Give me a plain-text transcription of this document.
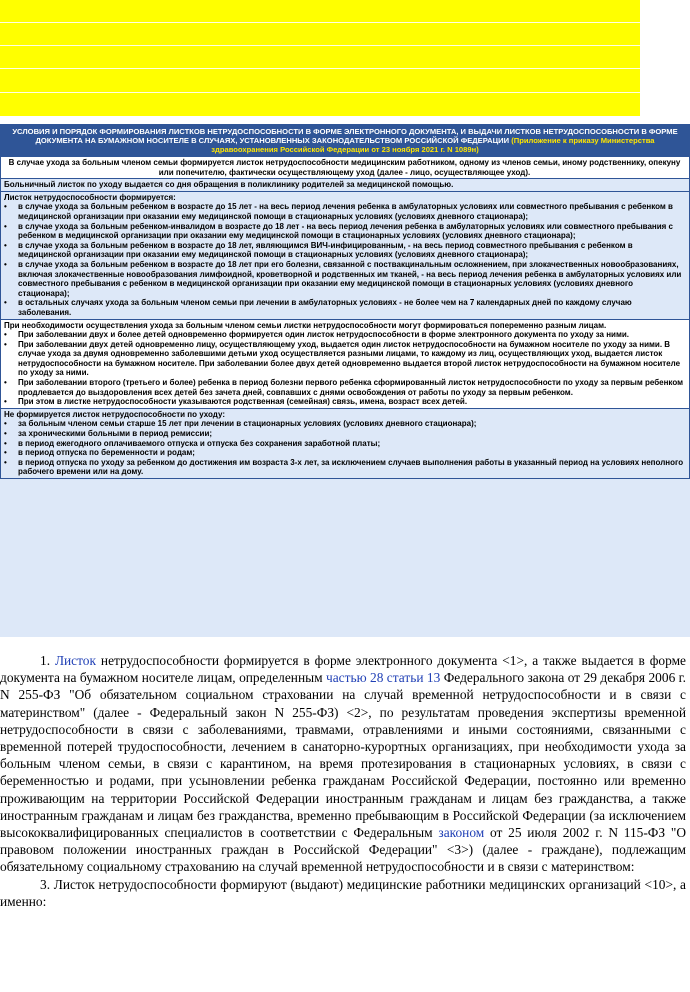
УСЛОВИЯ И ПОРЯДОК ФОРМИРОВАНИЯ ЛИСТКОВ НЕТРУДОСПОСОБНОСТИ В ФОРМЕ ЭЛЕКТРОННОГО ДОКУМЕНТА, И ВЫДАЧИ ЛИСТКОВ НЕТРУДОСПОСОБНОСТИ В ФОРМЕ ДОКУМЕНТА НА БУМАЖНОМ НОСИТЕЛЕ В СЛУЧАЯХ, УСТАНОВЛЕННЫХ ЗАКОНОДАТЕЛЬСТВОМ РОССИЙСКОЙ ФЕДЕРАЦИИ (Приложение к приказу Министерства здравоохранения Российской Федерации от 23 ноября 2021 г. N 1089н)
В случае ухода за больным членом семьи формируется листок нетрудоспособности медицинским работником, одному из членов семьи, иному родственнику, опекуну или попечителю, фактически осуществляющему уход (далее - лицо, осуществляющее уход).
Больничный листок по уходу выдается со дня обращения в поликлинику родителей за медицинской помощью.
Листок нетрудоспособности формируется:
• в случае ухода за больным ребенком в возрасте до 15 лет - на весь период лечения ребенка в амбулаторных условиях или совместного пребывания с ребенком в медицинской организации при оказании ему медицинской помощи в стационарных условиях (условиях дневного стационара);
• в случае ухода за больным ребенком-инвалидом в возрасте до 18 лет - на весь период лечения ребенка в амбулаторных условиях или совместного пребывания с ребенком в медицинской организации при оказании ему медицинской помощи в стационарных условиях (условиях дневного стационара);
• в случае ухода за больным ребенком в возрасте до 18 лет, являющимся ВИЧ-инфицированным, - на весь период совместного пребывания с ребенком в медицинской организации при оказании ему медицинской помощи в стационарных условиях (условиях дневного стационара);
• в случае ухода за больным ребенком в возрасте до 18 лет при его болезни, связанной с поствакцинальным осложнением, при злокачественных новообразованиях, включая злокачественные новообразования лимфоидной, кроветворной и родственных им тканей, - на весь период лечения ребенка в амбулаторных условиях или совместного пребывания с ребенком в медицинской организации при оказании ему медицинской помощи в стационарных условиях (условиях дневного стационара);
• в остальных случаях ухода за больным членом семьи при лечении в амбулаторных условиях - не более чем на 7 календарных дней по каждому случаю заболевания.
При необходимости осуществления ухода за больным членом семьи листки нетрудоспособности могут формироваться попеременно разным лицам.
• При заболевании двух и более детей одновременно формируется один листок нетрудоспособности в форме электронного документа по уходу за ними.
• При заболевании двух детей одновременно лицу, осуществляющему уход, выдается один листок нетрудоспособности на бумажном носителе по уходу за ними. В случае ухода за двумя одновременно заболевшими детьми уход осуществляется разными лицами, то каждому из лиц, осуществляющих уход, выдается листок нетрудоспособности на бумажном носителе. При заболевании более двух детей одновременно выдается второй листок нетрудоспособности на бумажном носителе по уходу за ними.
• При заболевании второго (третьего и более) ребенка в период болезни первого ребенка сформированный листок нетрудоспособности по уходу за первым ребенком продлевается до выздоровления всех детей без зачета дней, совпавших с днями освобождения от работы по уходу за первым ребенком.
• При этом в листке нетрудоспособности указываются родственная (семейная) связь, имена, возраст всех детей.
Не формируется листок нетрудоспособности по уходу:
• за больным членом семьи старше 15 лет при лечении в стационарных условиях (условиях дневного стационара);
• за хроническими больными в период ремиссии;
• в период ежегодного оплачиваемого отпуска и отпуска без сохранения заработной платы;
• в период отпуска по беременности и родам;
• в период отпуска по уходу за ребенком до достижения им возраста 3-х лет, за исключением случаев выполнения работы в указанный период на условиях неполного рабочего времени или на дому.

1. Листок нетрудоспособности формируется в форме электронного документа <1>, а также выдается в форме документа на бумажном носителе лицам, определенным частью 28 статьи 13 Федерального закона от 29 декабря 2006 г. N 255-ФЗ "Об обязательном социальном страховании на случай временной нетрудоспособности и в связи с материнством" (далее - Федеральный закон N 255-ФЗ) <2>, по результатам проведения экспертизы временной нетрудоспособности в связи с заболеваниями, травмами, отравлениями и иными состояниями, связанными с временной потерей трудоспособности, лечением в санаторно-курортных организациях, при необходимости ухода за больным членом семьи, в связи с карантином, на время протезирования в стационарных условиях, в связи с беременностью и родами, при усыновлении ребенка гражданам Российской Федерации, постоянно или временно проживающим на территории Российской Федерации иностранным гражданам и лицам без гражданства, а также иностранным гражданам и лицам без гражданства, временно пребывающим в Российской Федерации (за исключением высококвалифицированных специалистов в соответствии с Федеральным законом от 25 июля 2002 г. N 115-ФЗ "О правовом положении иностранных граждан в Российской Федерации" <3>) (далее - граждане), подлежащим обязательному социальному страхованию на случай временной нетрудоспособности и в связи с материнством:

3. Листок нетрудоспособности формируют (выдают) медицинские работники медицинских организаций <10>, а именно:
